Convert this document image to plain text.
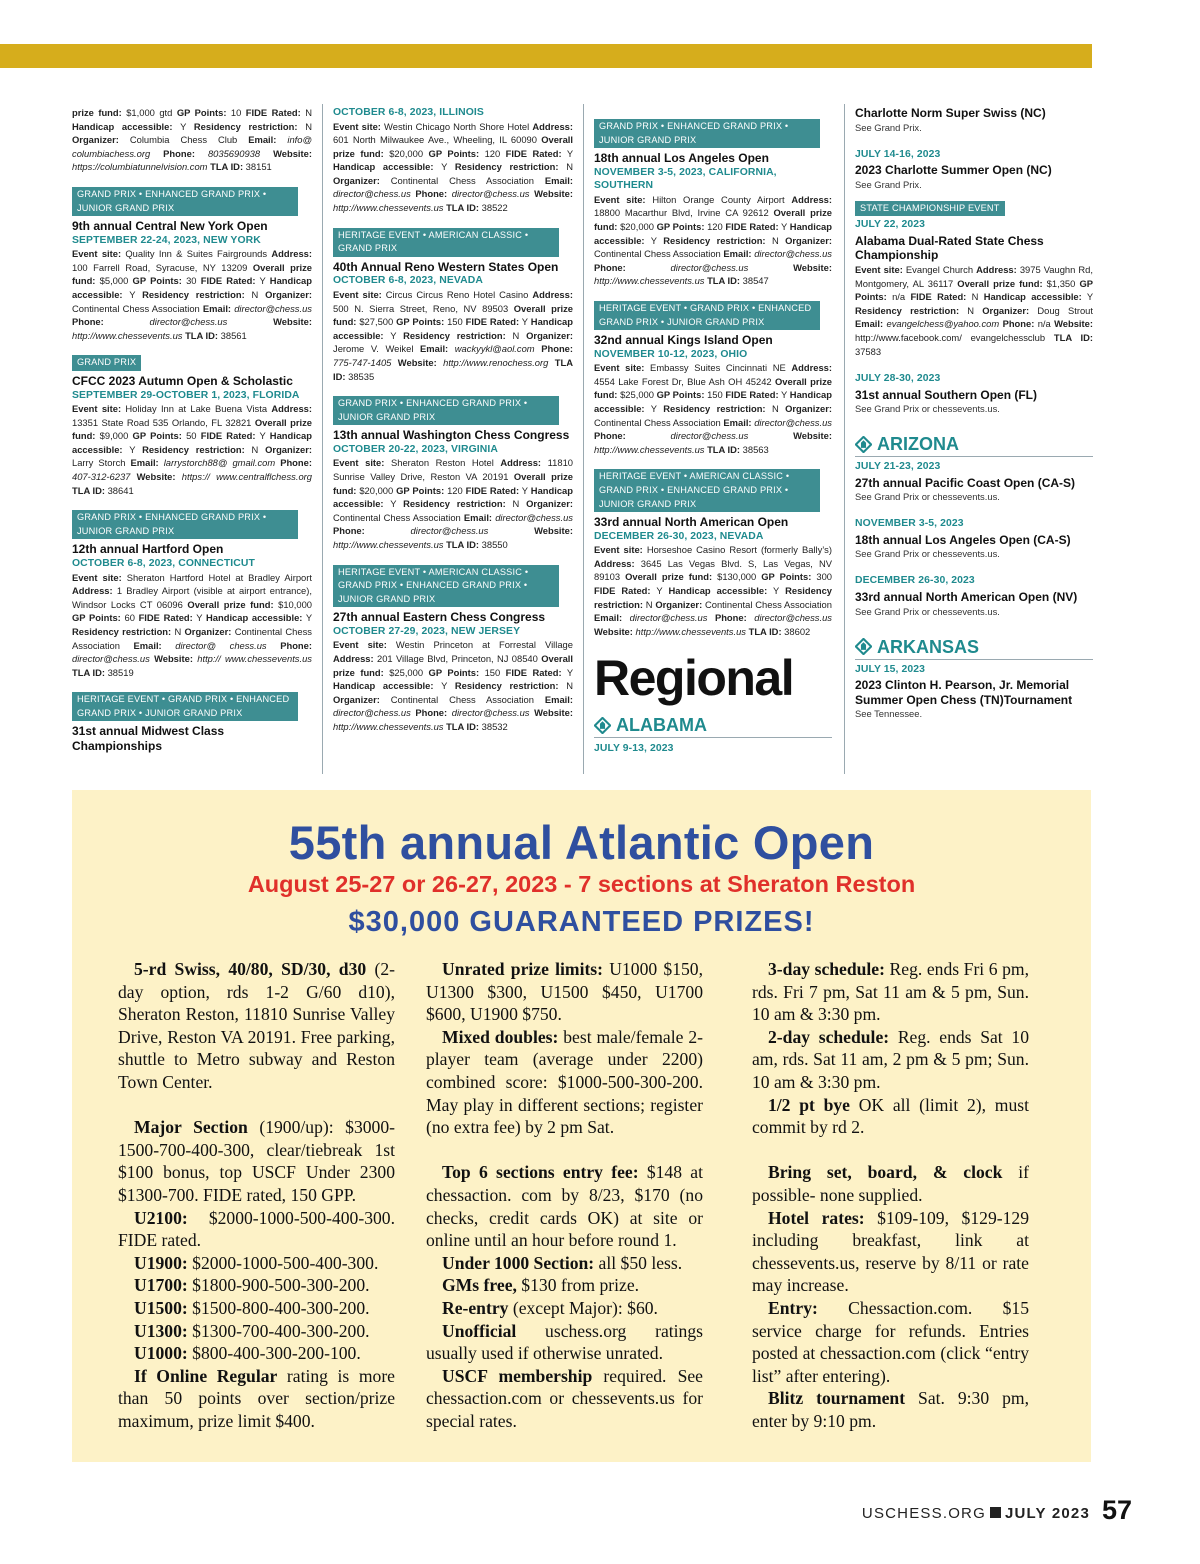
prize fund: $1,000 gtd GP Points: 10 FIDE Rated: N Handicap accessible: Y Residency restriction: N Organizer: Columbia Chess Club Email: info@ columbiachess.org Phone: 8035690938 Website: https://columbiatunnelvision.com TLA ID: 38151
GRAND PRIX • ENHANCED GRAND PRIX • JUNIOR GRAND PRIX
9th annual Central New York Open
SEPTEMBER 22-24, 2023, NEW YORK
Event site: Quality Inn & Suites Fairgrounds Address: 100 Farrell Road, Syracuse, NY 13209 Overall prize fund: $5,000 GP Points: 30 FIDE Rated: Y Handicap accessible: Y Residency restriction: N Organizer: Continental Chess Association Email: director@chess.us Phone: director@chess.us Website: http://www.chessevents.us TLA ID: 38561
GRAND PRIX
CFCC 2023 Autumn Open & Scholastic
SEPTEMBER 29-OCTOBER 1, 2023, FLORIDA
Event site: Holiday Inn at Lake Buena Vista Address: 13351 State Road 535 Orlando, FL 32821 Overall prize fund: $9,000 GP Points: 50 FIDE Rated: Y Handicap accessible: Y Residency restriction: N Organizer: Larry Storch Email: larrystorch88@ gmail.com Phone: 407-312-6237 Website: https:// www.centralflchess.org TLA ID: 38641
GRAND PRIX • ENHANCED GRAND PRIX • JUNIOR GRAND PRIX
12th annual Hartford Open
OCTOBER 6-8, 2023, CONNECTICUT
Event site: Sheraton Hartford Hotel at Bradley Airport Address: 1 Bradley Airport (visible at airport entrance), Windsor Locks CT 06096 Overall prize fund: $10,000 GP Points: 60 FIDE Rated: Y Handicap accessible: Y Residency restriction: N Organizer: Continental Chess Association Email: director@ chess.us Phone: director@chess.us Website: http:// www.chessevents.us TLA ID: 38519
HERITAGE EVENT • GRAND PRIX • ENHANCED GRAND PRIX • JUNIOR GRAND PRIX
31st annual Midwest Class Championships
OCTOBER 6-8, 2023, ILLINOIS
Event site: Westin Chicago North Shore Hotel Address: 601 North Milwaukee Ave., Wheeling, IL 60090 Overall prize fund: $20,000 GP Points: 120 FIDE Rated: Y Handicap accessible: Y Residency restriction: N Organizer: Continental Chess Association Email: director@chess.us Phone: director@chess.us Website: http://www.chessevents.us TLA ID: 38522
HERITAGE EVENT • AMERICAN CLASSIC • GRAND PRIX
40th Annual Reno Western States Open
OCTOBER 6-8, 2023, NEVADA
Event site: Circus Circus Reno Hotel Casino Address: 500 N. Sierra Street, Reno, NV 89503 Overall prize fund: $27,500 GP Points: 150 FIDE Rated: Y Handicap accessible: Y Residency restriction: N Organizer: Jerome V. Weikel Email: wackyykl@aol.com Phone: 775-747-1405 Website: http://www.renochess.org TLA ID: 38535
GRAND PRIX • ENHANCED GRAND PRIX • JUNIOR GRAND PRIX
13th annual Washington Chess Congress
OCTOBER 20-22, 2023, VIRGINIA
Event site: Sheraton Reston Hotel Address: 11810 Sunrise Valley Drive, Reston VA 20191 Overall prize fund: $20,000 GP Points: 120 FIDE Rated: Y Handicap accessible: Y Residency restriction: N Organizer: Continental Chess Association Email: director@chess.us Phone: director@chess.us Website: http://www.chessevents.us TLA ID: 38550
HERITAGE EVENT • AMERICAN CLASSIC • GRAND PRIX • ENHANCED GRAND PRIX • JUNIOR GRAND PRIX
27th annual Eastern Chess Congress
OCTOBER 27-29, 2023, NEW JERSEY
Event site: Westin Princeton at Forrestal Village Address: 201 Village Blvd, Princeton, NJ 08540 Overall prize fund: $25,000 GP Points: 150 FIDE Rated: Y Handicap accessible: Y Residency restriction: N Organizer: Continental Chess Association Email: director@chess.us Phone: director@chess.us Website: http://www.chessevents.us TLA ID: 38532
GRAND PRIX • ENHANCED GRAND PRIX • JUNIOR GRAND PRIX
18th annual Los Angeles Open
NOVEMBER 3-5, 2023, CALIFORNIA, SOUTHERN
Event site: Hilton Orange County Airport Address: 18800 Macarthur Blvd, Irvine CA 92612 Overall prize fund: $20,000 GP Points: 120 FIDE Rated: Y Handicap accessible: Y Residency restriction: N Organizer: Continental Chess Association Email: director@chess.us Phone: director@chess.us Website: http://www.chessevents.us TLA ID: 38547
HERITAGE EVENT • GRAND PRIX • ENHANCED GRAND PRIX • JUNIOR GRAND PRIX
32nd annual Kings Island Open
NOVEMBER 10-12, 2023, OHIO
Event site: Embassy Suites Cincinnati NE Address: 4554 Lake Forest Dr, Blue Ash OH 45242 Overall prize fund: $25,000 GP Points: 150 FIDE Rated: Y Handicap accessible: Y Residency restriction: N Organizer: Continental Chess Association Email: director@chess.us Phone: director@chess.us Website: http://www.chessevents.us TLA ID: 38563
HERITAGE EVENT • AMERICAN CLASSIC • GRAND PRIX • ENHANCED GRAND PRIX • JUNIOR GRAND PRIX
33rd annual North American Open
DECEMBER 26-30, 2023, NEVADA
Event site: Horseshoe Casino Resort (formerly Bally’s) Address: 3645 Las Vegas Blvd. S, Las Vegas, NV 89103 Overall prize fund: $130,000 GP Points: 300 FIDE Rated: Y Handicap accessible: Y Residency restriction: N Organizer: Continental Chess Association Email: director@chess.us Phone: director@chess.us Website: http://www.chessevents.us TLA ID: 38602
Regional
ALABAMA
JULY 9-13, 2023
Charlotte Norm Super Swiss (NC)
See Grand Prix.
JULY 14-16, 2023
2023 Charlotte Summer Open (NC)
See Grand Prix.
STATE CHAMPIONSHIP EVENT
JULY 22, 2023
Alabama Dual-Rated State Chess Championship
Event site: Evangel Church Address: 3975 Vaughn Rd, Montgomery, AL 36117 Overall prize fund: $1,350 GP Points: n/a FIDE Rated: N Handicap accessible: Y Residency restriction: N Organizer: Doug Strout Email: evangelchess@yahoo.com Phone: n/a Website: http://www.facebook.com/ evangelchessclub TLA ID: 37583
JULY 28-30, 2023
31st annual Southern Open (FL)
See Grand Prix or chessevents.us.
ARIZONA
JULY 21-23, 2023
27th annual Pacific Coast Open (CA-S)
See Grand Prix or chessevents.us.
NOVEMBER 3-5, 2023
18th annual Los Angeles Open (CA-S)
See Grand Prix or chessevents.us.
DECEMBER 26-30, 2023
33rd annual North American Open (NV)
See Grand Prix or chessevents.us.
ARKANSAS
JULY 15, 2023
2023 Clinton H. Pearson, Jr. Memorial Summer Open Chess (TN)Tournament
See Tennessee.
55th annual Atlantic Open
August 25-27 or 26-27, 2023 - 7 sections at Sheraton Reston
$30,000 GUARANTEED PRIZES!

5-rd Swiss, 40/80, SD/30, d30 (2-day option, rds 1-2 G/60 d10), Sheraton Reston, 11810 Sunrise Valley Drive, Reston VA 20191. Free parking, shuttle to Metro subway and Reston Town Center.

Major Section (1900/up): $3000-1500-700-400-300, clear/tiebreak 1st $100 bonus, top USCF Under 2300 $1300-700. FIDE rated, 150 GPP.

U2100: $2000-1000-500-400-300. FIDE rated.

U1900: $2000-1000-500-400-300.

U1700: $1800-900-500-300-200.

U1500: $1500-800-400-300-200.

U1300: $1300-700-400-300-200.

U1000: $800-400-300-200-100.

If Online Regular rating is more than 50 points over section/prize maximum, prize limit $400.

Unrated prize limits: U1000 $150, U1300 $300, U1500 $450, U1700 $600, U1900 $750.

Mixed doubles: best male/female 2-player team (average under 2200) combined score: $1000-500-300-200. May play in different sections; register (no extra fee) by 2 pm Sat.

Top 6 sections entry fee: $148 at chessaction. com by 8/23, $170 (no checks, credit cards OK) at site or online until an hour before round 1.

Under 1000 Section: all $50 less.

GMs free, $130 from prize.

Re-entry (except Major): $60.

Unofficial uschess.org ratings usually used if otherwise unrated.

USCF membership required. See chessaction.com or chessevents.us for special rates.

3-day schedule: Reg. ends Fri 6 pm, rds. Fri 7 pm, Sat 11 am & 5 pm, Sun. 10 am & 3:30 pm.

2-day schedule: Reg. ends Sat 10 am, rds. Sat 11 am, 2 pm & 5 pm; Sun. 10 am & 3:30 pm.

1/2 pt bye OK all (limit 2), must commit by rd 2.

Bring set, board, & clock if possible- none supplied.

Hotel rates: $109-109, $129-129 including breakfast, link at chessevents.us, reserve by 8/11 or rate may increase.

Entry: Chessaction.com. $15 service charge for refunds. Entries posted at chessaction.com (click “entry list” after entering).

Blitz tournament Sat. 9:30 pm, enter by 9:10 pm.

USCHESS.ORG JULY 2023 57
